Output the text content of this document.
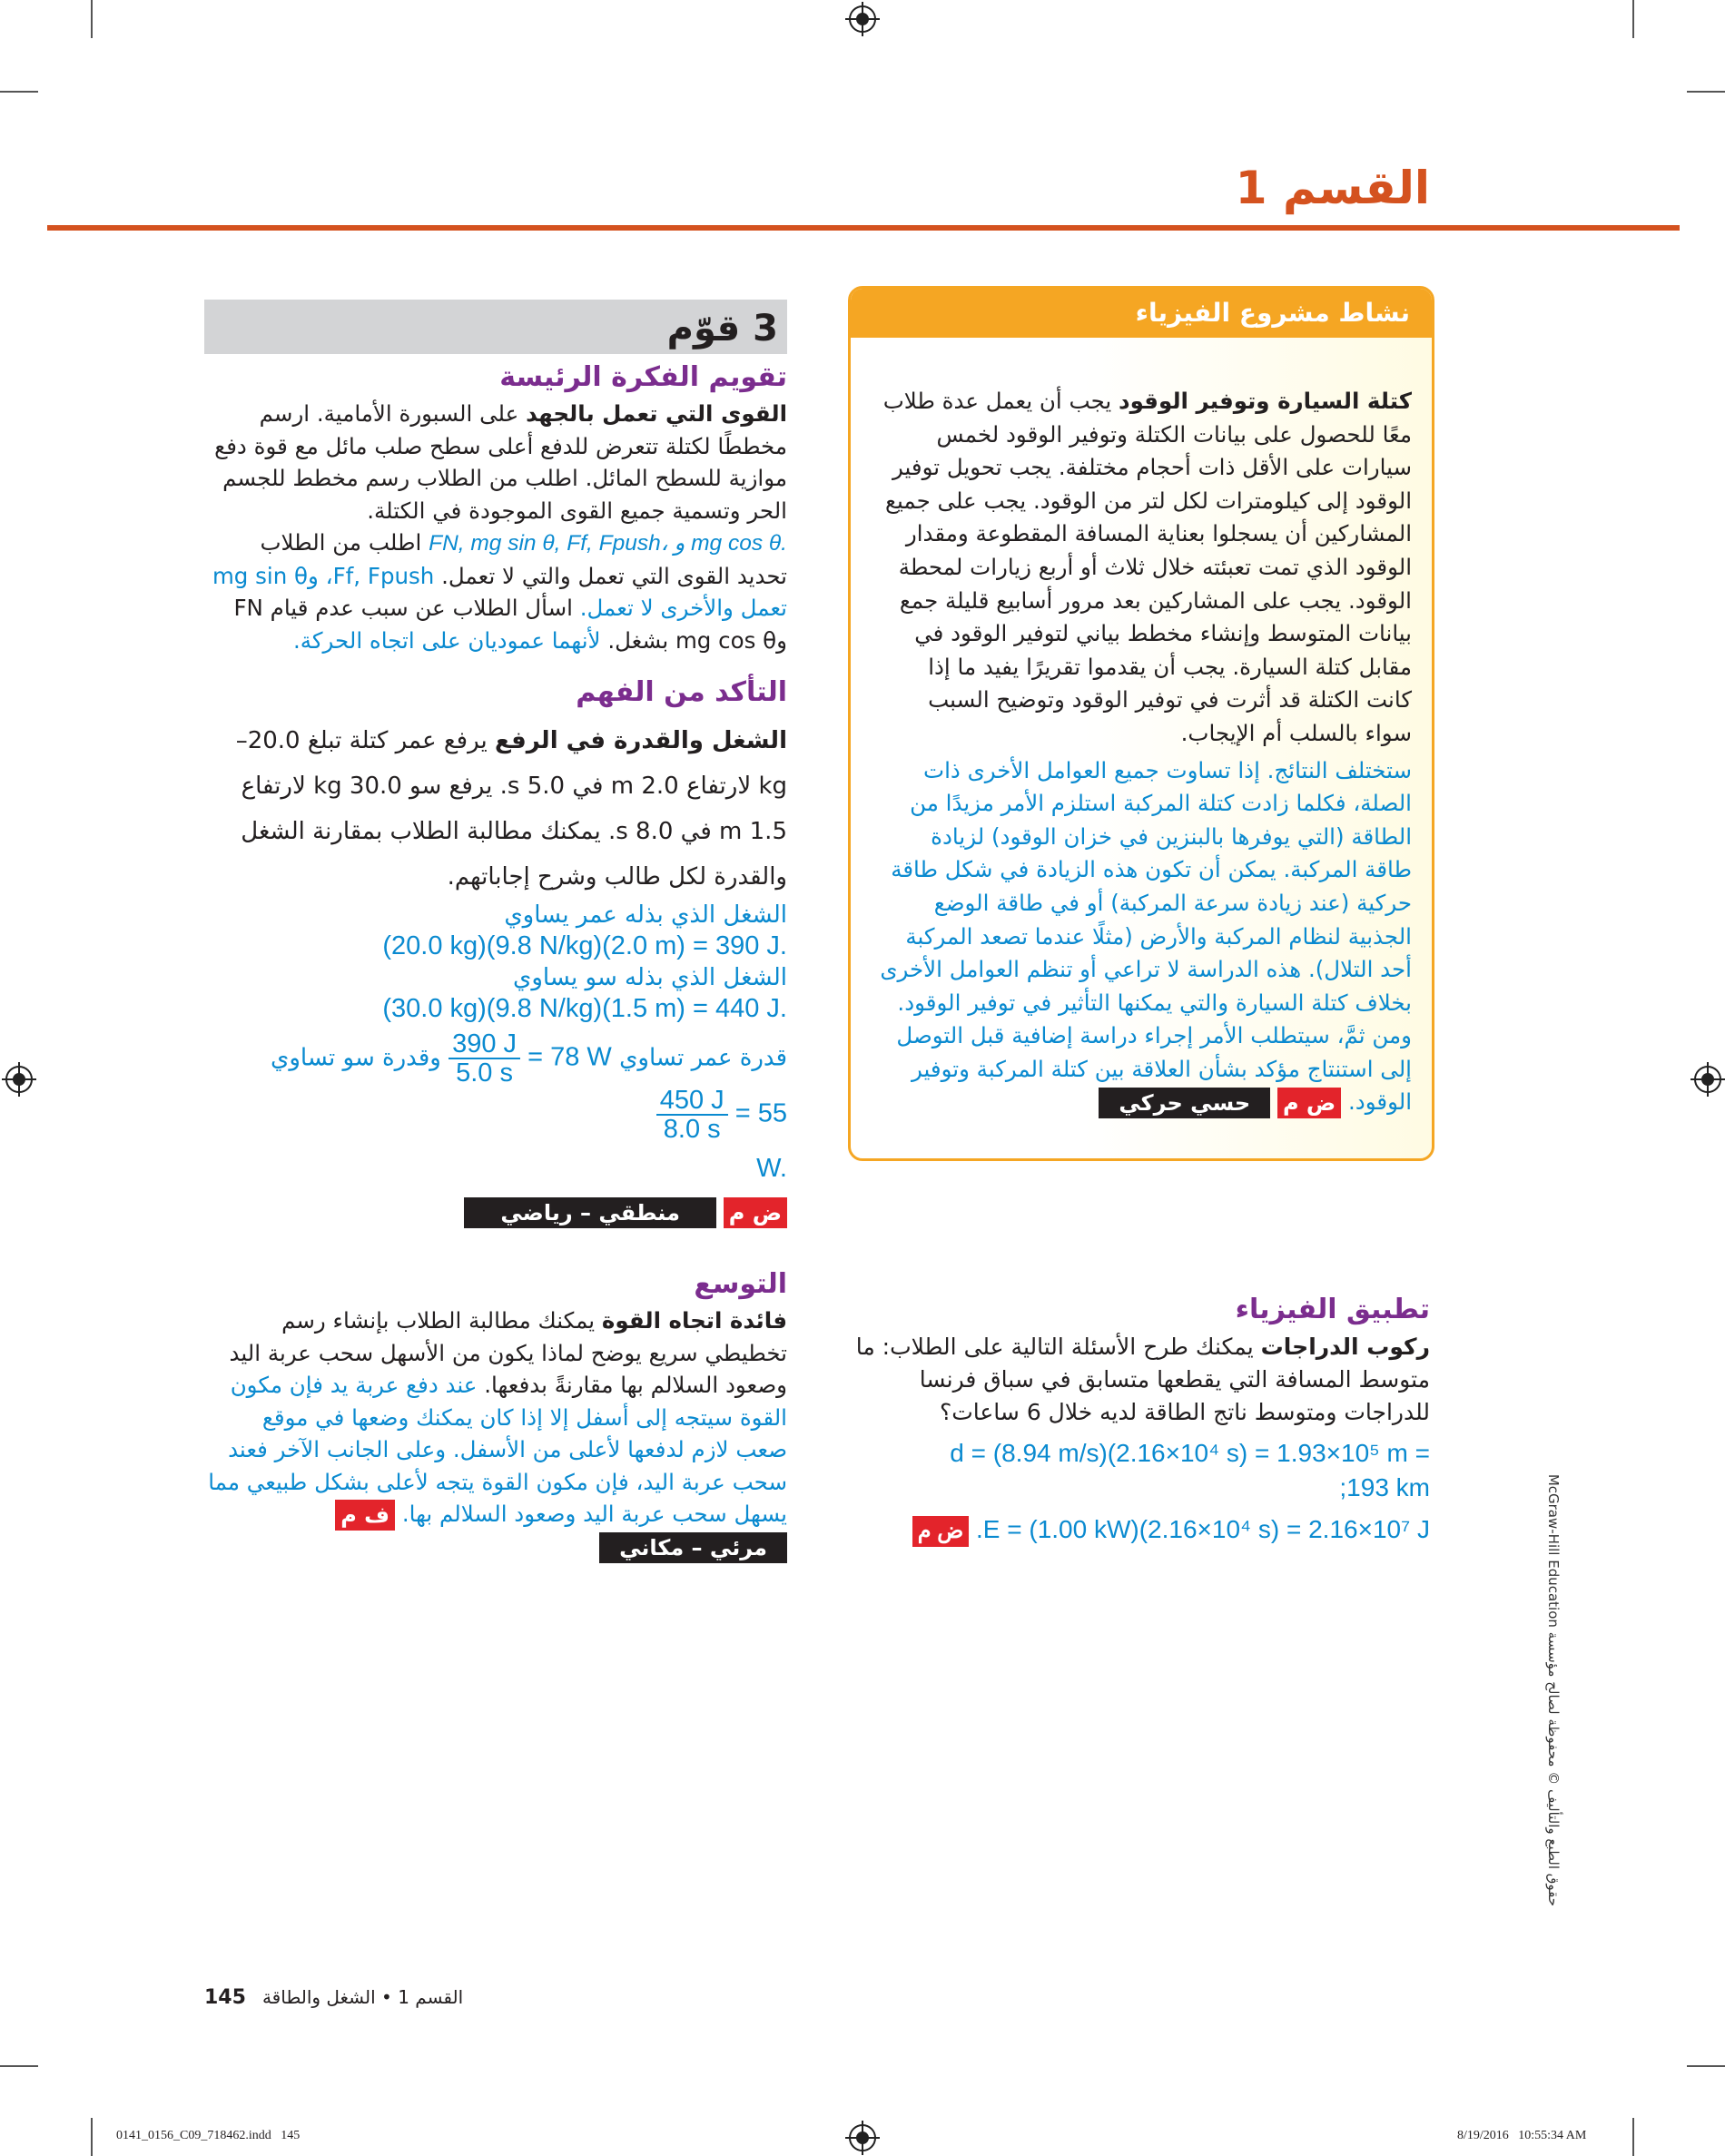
القسم 1
نشاط مشروع الفيزياء

كتلة السيارة وتوفير الوقود يجب أن يعمل عدة طلاب معًا للحصول على بيانات الكتلة وتوفير الوقود لخمس سيارات على الأقل ذات أحجام مختلفة. يجب تحويل توفير الوقود إلى كيلومترات لكل لتر من الوقود. يجب على جميع المشاركين أن يسجلوا بعناية المسافة المقطوعة ومقدار الوقود الذي تمت تعبئته خلال ثلاث أو أربع زيارات لمحطة الوقود. يجب على المشاركين بعد مرور أسابيع قليلة جمع بيانات المتوسط وإنشاء مخطط بياني لتوفير الوقود في مقابل كتلة السيارة. يجب أن يقدموا تقريرًا يفيد ما إذا كانت الكتلة قد أثرت في توفير الوقود وتوضيح السبب سواء بالسلب أم الإيجاب.

ستختلف النتائج. إذا تساوت جميع العوامل الأخرى ذات الصلة، فكلما زادت كتلة المركبة استلزم الأمر مزيدًا من الطاقة (التي يوفرها بالبنزين في خزان الوقود) لزيادة طاقة المركبة. يمكن أن تكون هذه الزيادة في شكل طاقة حركية (عند زيادة سرعة المركبة) أو في طاقة الوضع الجذبية لنظام المركبة والأرض (مثلًا عندما تصعد المركبة أحد التلال). هذه الدراسة لا تراعي أو تنظم العوامل الأخرى بخلاف كتلة السيارة والتي يمكنها التأثير في توفير الوقود. ومن ثمَّ، سيتطلب الأمر إجراء دراسة إضافية قبل التوصل إلى استنتاج مؤكد بشأن العلاقة بين كتلة المركبة وتوفير الوقود. ض م حسي حركي

3 قوّم
تقويم الفكرة الرئيسة

القوى التي تعمل بالجهد على السبورة الأمامية. ارسم مخططًا لكتلة تتعرض للدفع أعلى سطح صلب مائل مع قوة دفع موازية للسطح المائل. اطلب من الطلاب رسم مخطط للجسم الحر وتسمية جميع القوى الموجودة في الكتلة. FN, mg sin θ, Ff, Fpush، و mg cos θ. اطلب من الطلاب تحديد القوى التي تعمل والتي لا تعمل. Ff, Fpush، وmg sin θ تعمل والأخرى لا تعمل. اسأل الطلاب عن سبب عدم قيام FN وmg cos θ بشغل. لأنهما عموديان على اتجاه الحركة.

التأكد من الفهم

الشغل والقدرة في الرفع يرفع عمر كتلة تبلغ 20.0– kg لارتفاع 2.0 m في 5.0 s. يرفع سو 30.0 kg لارتفاع 1.5 m في 8.0 s. يمكنك مطالبة الطلاب بمقارنة الشغل والقدرة لكل طالب وشرح إجاباتهم.

الشغل الذي بذله عمر يساوي (20.0 kg)(9.8 N/kg)(2.0 m) = 390 J.
الشغل الذي بذله سو يساوي (30.0 kg)(9.8 N/kg)(1.5 m) = 440 J.
قدرة عمر تساوي
$\frac{390 J}{5.0 s} = 78$ W وقدرة سو تساوي
$\frac{450 J}{8.0 s} = 55$
W.
ض م منطقي – رياضي
التوسع

فائدة اتجاه القوة يمكنك مطالبة الطلاب بإنشاء رسم تخطيطي سريع يوضح لماذا يكون من الأسهل سحب عربة اليد وصعود السلالم بها مقارنةً بدفعها. عند دفع عربة يد فإن مكون القوة سيتجه إلى أسفل إلا إذا كان يمكنك وضعها في موقع صعب لازم لدفعها لأعلى من الأسفل. وعلى الجانب الآخر فعند سحب عربة اليد، فإن مكون القوة يتجه لأعلى بشكل طبيعي مما يسهل سحب عربة اليد وصعود السلالم بها. ف م مرئي – مكاني

تطبيق الفيزياء

ركوب الدراجات يمكنك طرح الأسئلة التالية على الطلاب: ما متوسط المسافة التي يقطعها متسابق في سباق فرنسا للدراجات ومتوسط ناتج الطاقة لديه خلال 6 ساعات؟

d = (8.94 m/s)(2.16×10⁴ s) = 1.93×10⁵ m =
;193 km
ض م .E = (1.00 kW)(2.16×10⁴ s) = 2.16×10⁷ J	حقوق الطبع والتأليف © محفوظة لصالح مؤسسة McGraw-Hill Education
145 القسم 1 • الشغل والطاقة
0141_0156_C09_718462.indd   145	8/19/2016   10:55:34 AM
